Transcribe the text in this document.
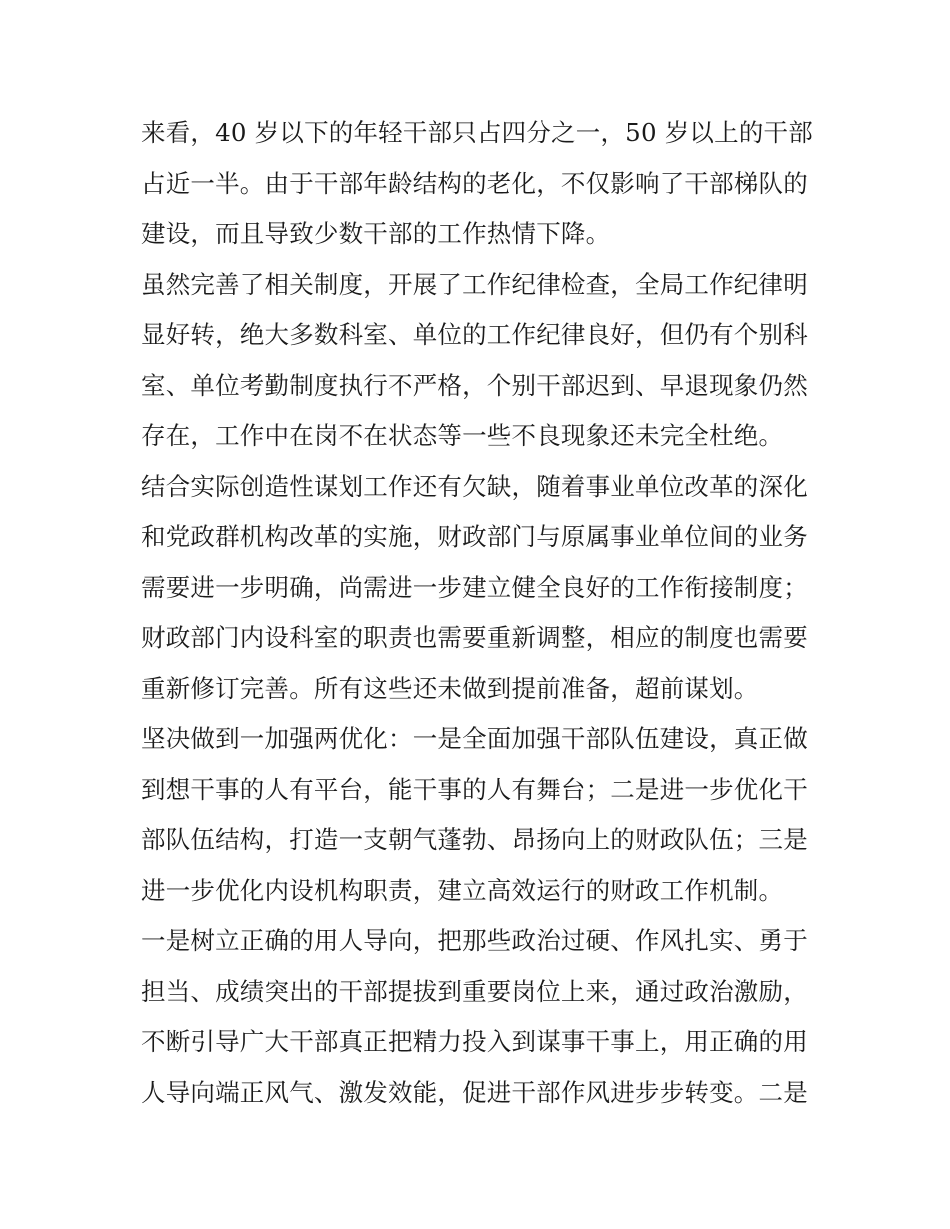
来看，40 岁以下的年轻干部只占四分之一，50 岁以上的干部
占近一半。由于干部年龄结构的老化，不仅影响了干部梯队的
建设，而且导致少数干部的工作热情下降。
虽然完善了相关制度，开展了工作纪律检查，全局工作纪律明
显好转，绝大多数科室、单位的工作纪律良好，但仍有个别科
室、单位考勤制度执行不严格，个别干部迟到、早退现象仍然
存在，工作中在岗不在状态等一些不良现象还未完全杜绝。
结合实际创造性谋划工作还有欠缺，随着事业单位改革的深化
和党政群机构改革的实施，财政部门与原属事业单位间的业务
需要进一步明确，尚需进一步建立健全良好的工作衔接制度；
财政部门内设科室的职责也需要重新调整，相应的制度也需要
重新修订完善。所有这些还未做到提前准备，超前谋划。
坚决做到一加强两优化：一是全面加强干部队伍建设，真正做
到想干事的人有平台，能干事的人有舞台；二是进一步优化干
部队伍结构，打造一支朝气蓬勃、昂扬向上的财政队伍；三是
进一步优化内设机构职责，建立高效运行的财政工作机制。
一是树立正确的用人导向，把那些政治过硬、作风扎实、勇于
担当、成绩突出的干部提拔到重要岗位上来，通过政治激励，
不断引导广大干部真正把精力投入到谋事干事上，用正确的用
人导向端正风气、激发效能，促进干部作风进步步转变。二是
